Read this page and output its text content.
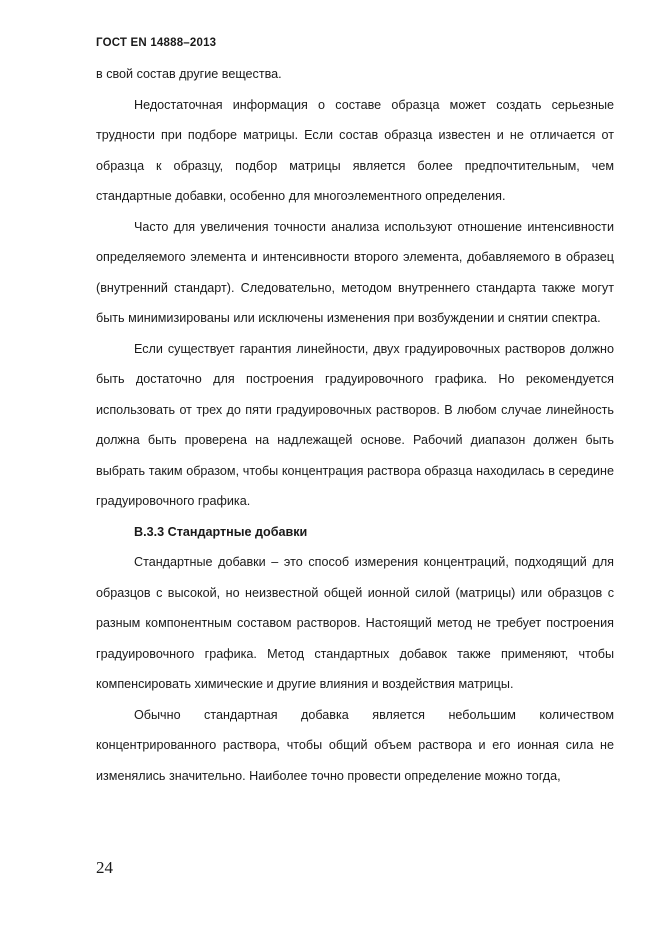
ГОСТ EN 14888–2013

в свой состав другие вещества.

Недостаточная информация о составе образца может создать серьезные трудности при подборе матрицы. Если состав образца известен и не отличается от образца к образцу, подбор матрицы является более предпочтительным, чем стандартные добавки, особенно для многоэлементного определения.

Часто для увеличения точности анализа используют отношение интенсивности определяемого элемента и интенсивности второго элемента, добавляемого в образец (внутренний стандарт). Следовательно, методом внутреннего стандарта также могут быть минимизированы или исключены изменения при возбуждении и снятии спектра.

Если существует гарантия линейности, двух градуировочных растворов должно быть достаточно для построения градуировочного графика. Но рекомендуется использовать от трех до пяти градуировочных растворов. В любом случае линейность должна быть проверена на надлежащей основе. Рабочий диапазон должен быть выбрать таким образом, чтобы концентрация раствора образца находилась в середине градуировочного графика.

В.3.3 Стандартные добавки

Стандартные добавки – это способ измерения концентраций, подходящий для образцов с высокой, но неизвестной общей ионной силой (матрицы) или образцов с разным компонентным составом растворов. Настоящий метод не требует построения градуировочного графика. Метод стандартных добавок также применяют, чтобы компенсировать химические и другие влияния и воздействия матрицы.

Обычно стандартная добавка является небольшим количеством концентрированного раствора, чтобы общий объем раствора и его ионная сила не изменялись значительно. Наиболее точно провести определение можно тогда,

24
